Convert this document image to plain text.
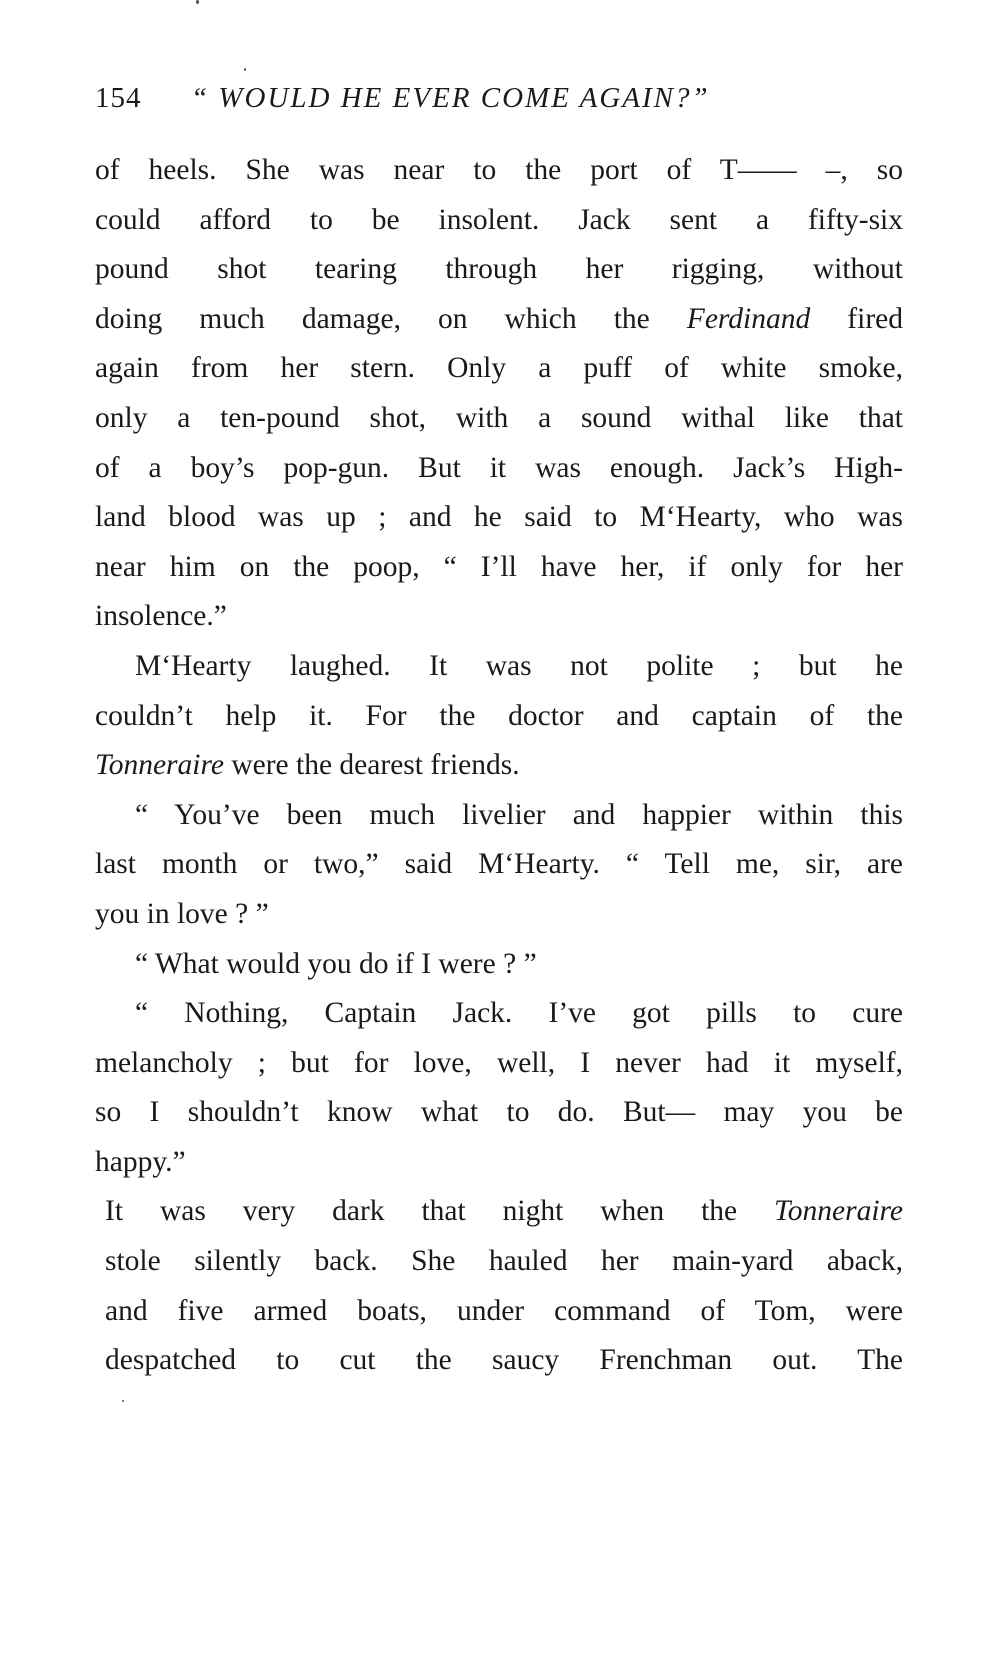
154 “ WOULD HE EVER COME AGAIN?”
of heels. She was near to the port of T—— –, so
could afford to be insolent. Jack sent a fifty-six
pound shot tearing through her rigging, without
doing much damage, on which the Ferdinand fired
again from her stern. Only a puff of white smoke,
only a ten-pound shot, with a sound withal like that
of a boy’s pop-gun. But it was enough. Jack’s High-
land blood was up ; and he said to M‘Hearty, who was
near him on the poop, “ I’ll have her, if only for her
insolence.”
M‘Hearty laughed. It was not polite ; but he
couldn’t help it. For the doctor and captain of the
Tonneraire were the dearest friends.
“ You’ve been much livelier and happier within this
last month or two,” said M‘Hearty. “ Tell me, sir, are
you in love ? ”
“ What would you do if I were ? ”
“ Nothing, Captain Jack. I’ve got pills to cure
melancholy ; but for love, well, I never had it myself,
so I shouldn’t know what to do. But— may you be
happy.”
It was very dark that night when the Tonneraire
stole silently back. She hauled her main-yard aback,
and five armed boats, under command of Tom, were
despatched to cut the saucy Frenchman out. The
